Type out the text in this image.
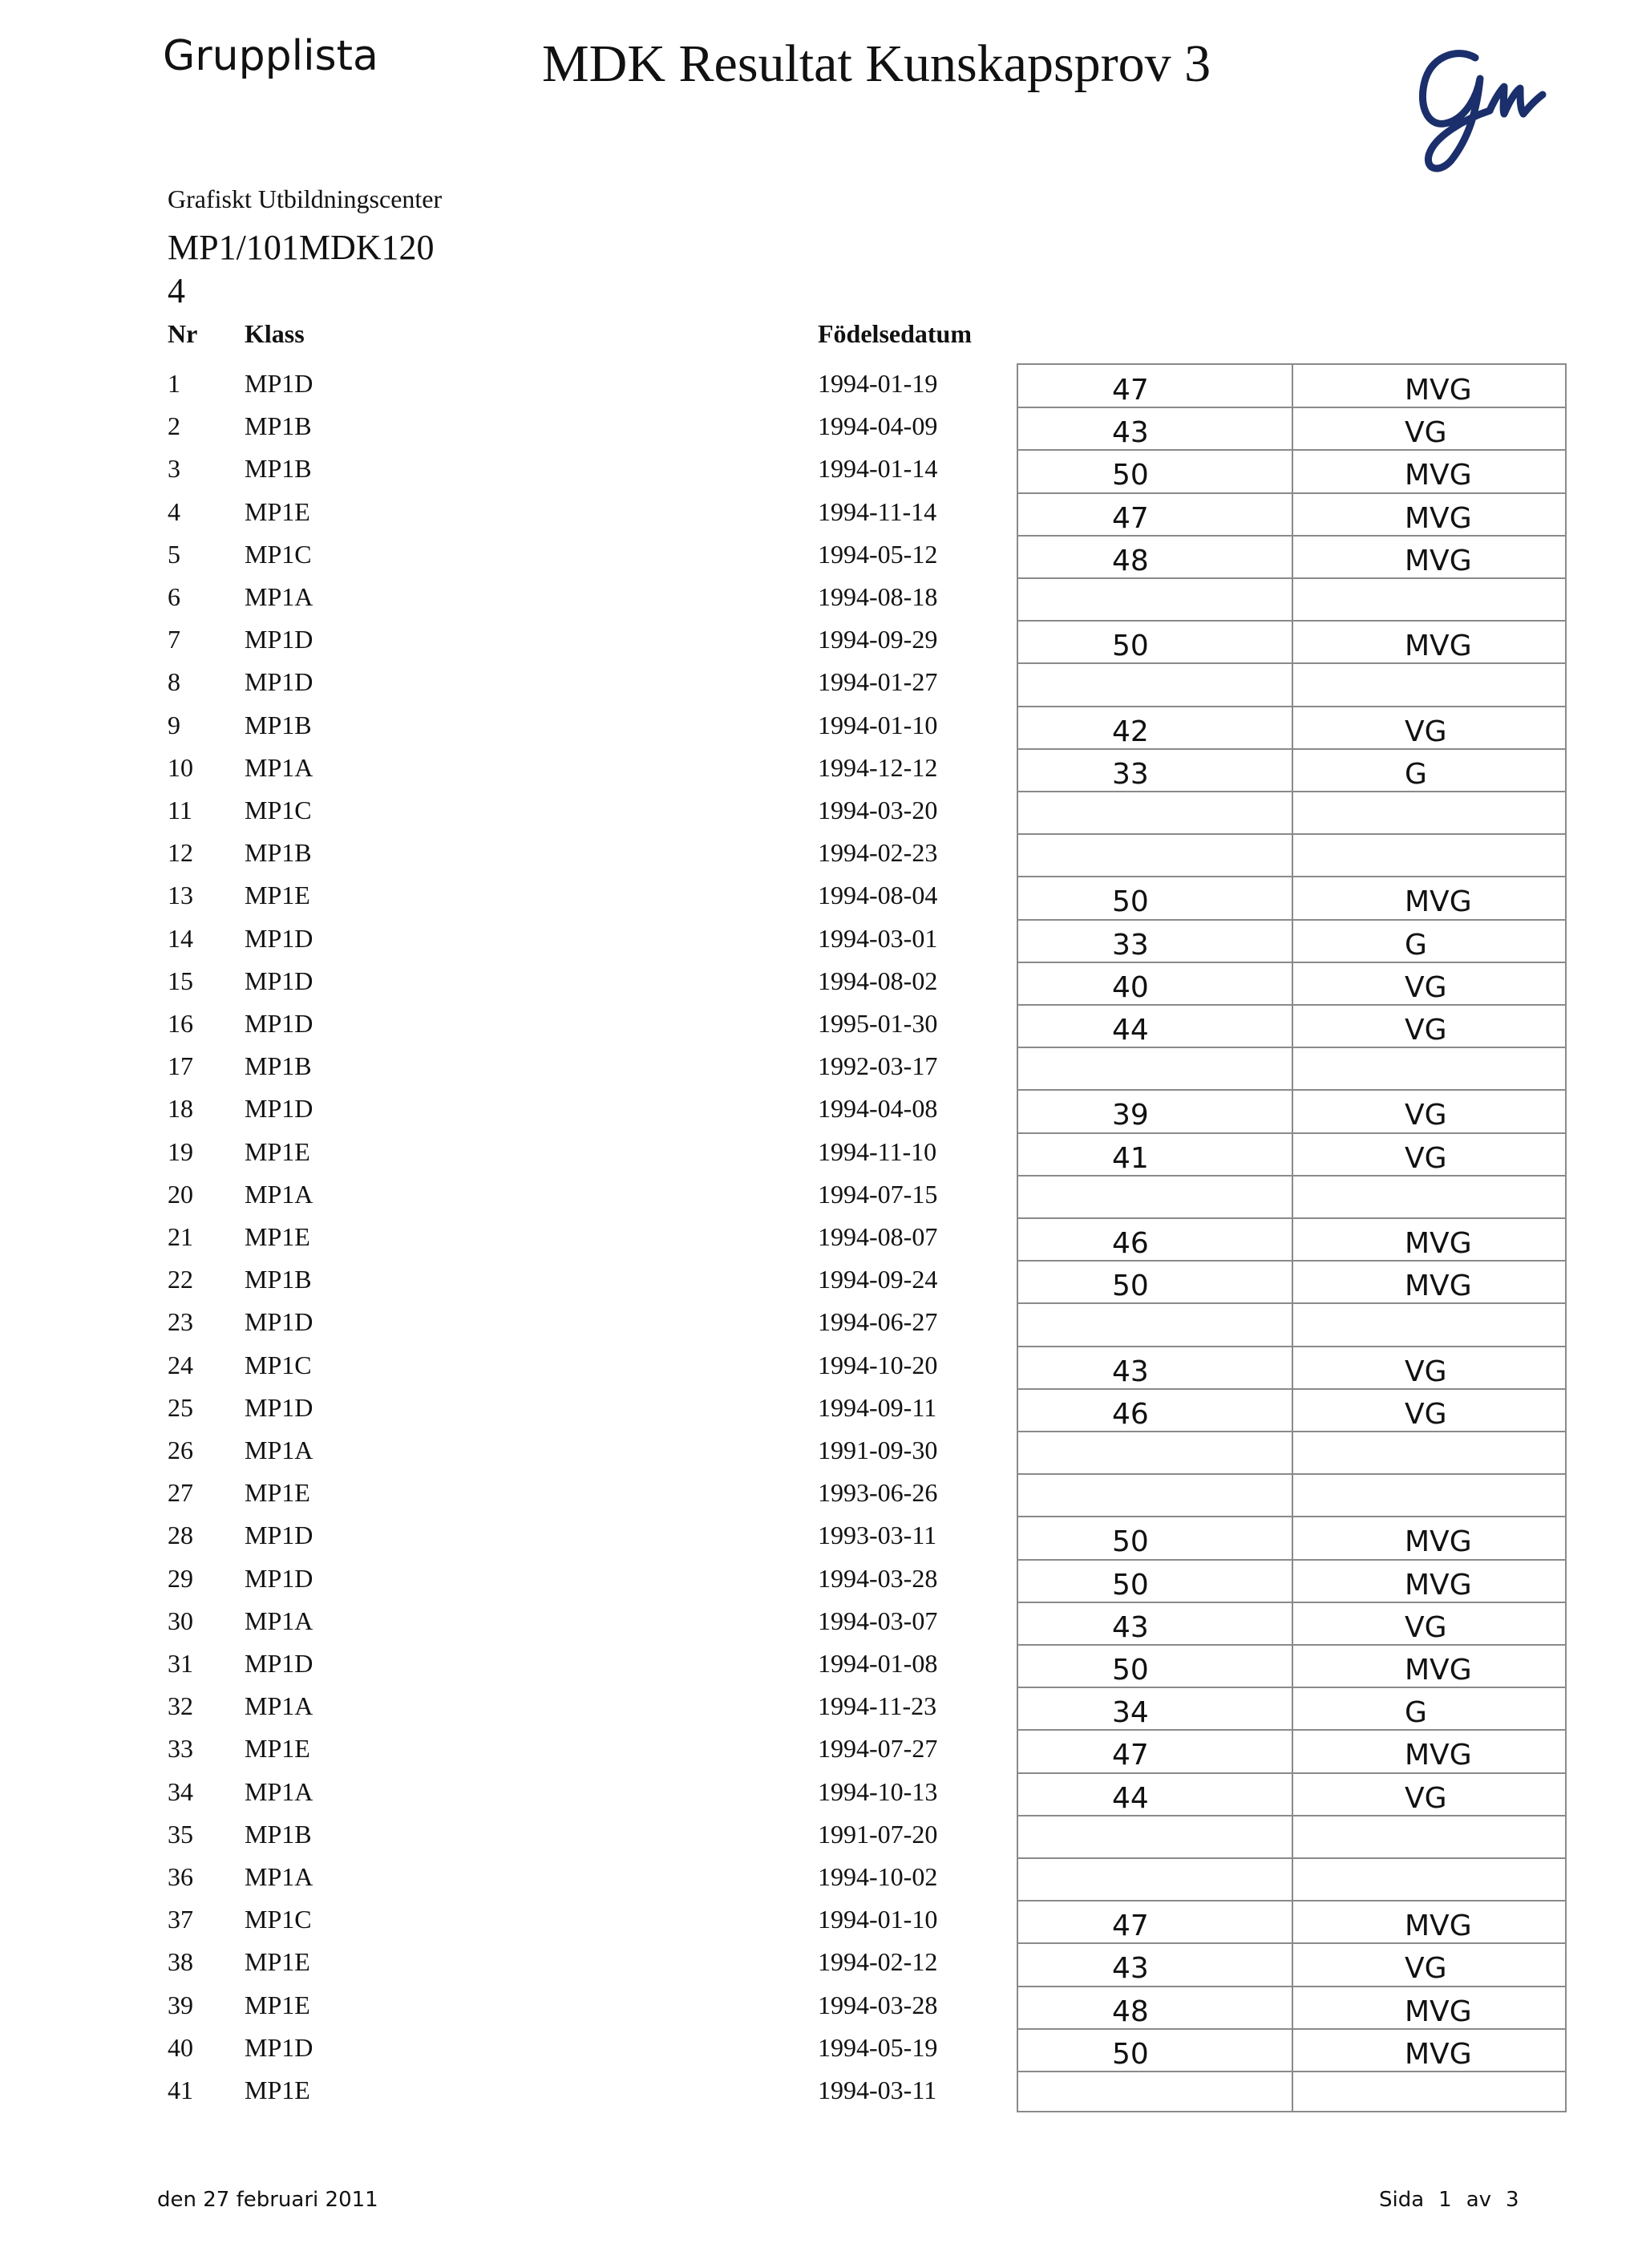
Grupplista	MDK Resultat Kunskapsprov 3
Grafiskt Utbildningscenter
MP1/101MDK120
4
Nr Klass	Födelsedatum
1	MP1D	1994-01-19	47	MVG
2	MP1B	1994-04-09	43	VG
3	MP1B	1994-01-14	50	MVG
4	MP1E	1994-11-14	47	MVG
5	MP1C	1994-05-12	48	MVG
6	MP1A	1994-08-18
7	MP1D	1994-09-29	50	MVG
8	MP1D	1994-01-27
9	MP1B	1994-01-10	42	VG
10 MP1A	1994-12-12	33	G
11 MP1C	1994-03-20
12 MP1B	1994-02-23
13 MP1E	1994-08-04	50	MVG
14 MP1D	1994-03-01	33	G
15 MP1D	1994-08-02	40	VG
16 MP1D	1995-01-30	44	VG
17 MP1B	1992-03-17
18 MP1D	1994-04-08	39	VG
19 MP1E	1994-11-10	41	VG
20 MP1A	1994-07-15
21 MP1E	1994-08-07	46	MVG
22 MP1B	1994-09-24	50	MVG
23 MP1D	1994-06-27
24 MP1C	1994-10-20	43	VG
25 MP1D	1994-09-11	46	VG
26 MP1A	1991-09-30
27 MP1E	1993-06-26
28 MP1D	1993-03-11	50	MVG
29 MP1D	1994-03-28	50	MVG
30 MP1A	1994-03-07	43	VG
31 MP1D	1994-01-08	50	MVG
32 MP1A	1994-11-23	34	G
33 MP1E	1994-07-27	47	MVG
34 MP1A	1994-10-13	44	VG
35 MP1B	1991-07-20
36 MP1A	1994-10-02
37 MP1C	1994-01-10	47	MVG
38 MP1E	1994-02-12	43	VG
39 MP1E	1994-03-28	48	MVG
40 MP1D	1994-05-19	50	MVG
41 MP1E	1994-03-11
den 27 februari 2011	Sida 1 av 3
